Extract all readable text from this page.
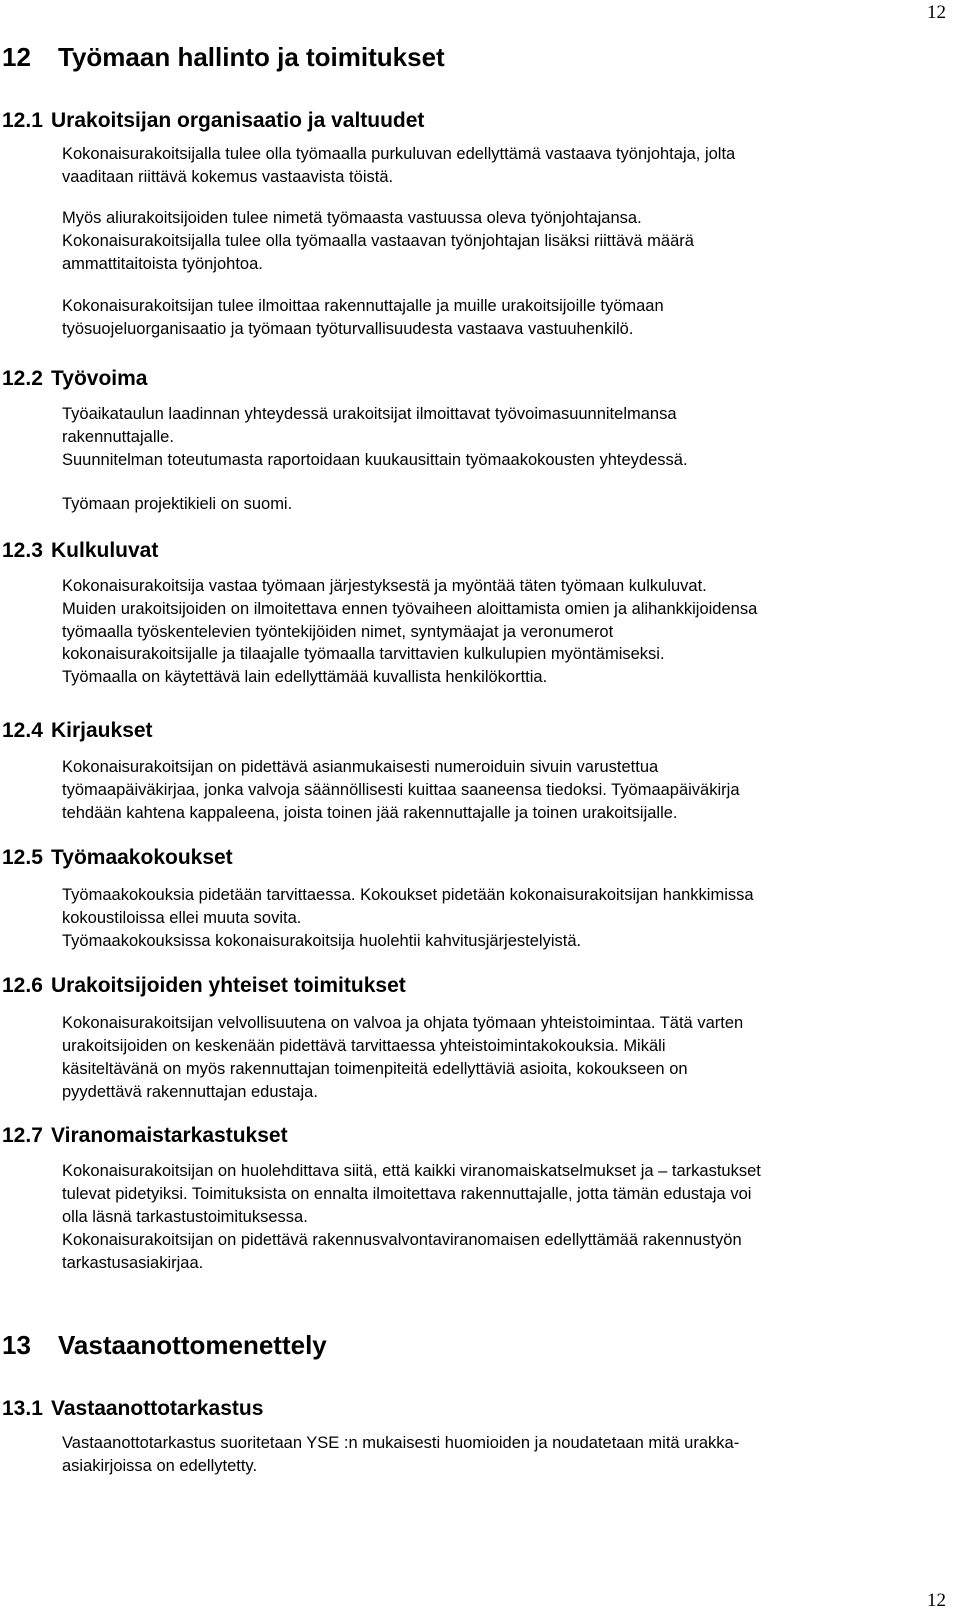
12
12 Työmaan hallinto ja toimitukset
12.1 Urakoitsijan organisaatio ja valtuudet
Kokonaisurakoitsijalla tulee olla työmaalla purkuluvan edellyttämä vastaava työnjohtaja, jolta
vaaditaan riittävä kokemus vastaavista töistä.
Myös aliurakoitsijoiden tulee nimetä työmaasta vastuussa oleva työnjohtajansa.
Kokonaisurakoitsijalla tulee olla työmaalla vastaavan työnjohtajan lisäksi riittävä määrä
ammattitaitoista työnjohtoa.
Kokonaisurakoitsijan tulee ilmoittaa rakennuttajalle ja muille urakoitsijoille työmaan
työsuojeluorganisaatio ja työmaan työturvallisuudesta vastaava vastuuhenkilö.
12.2 Työvoima
Työaikataulun laadinnan yhteydessä urakoitsijat ilmoittavat työvoimasuunnitelmansa
rakennuttajalle.
Suunnitelman toteutumasta raportoidaan kuukausittain työmaakokousten yhteydessä.
Työmaan projektikieli on suomi.
12.3 Kulkuluvat
Kokonaisurakoitsija vastaa työmaan järjestyksestä ja myöntää täten työmaan kulkuluvat.
Muiden urakoitsijoiden on ilmoitettava ennen työvaiheen aloittamista omien ja alihankkijoidensa
työmaalla työskentelevien työntekijöiden nimet, syntymäajat ja veronumerot
kokonaisurakoitsijalle ja tilaajalle työmaalla tarvittavien kulkulupien myöntämiseksi.
Työmaalla on käytettävä lain edellyttämää kuvallista henkilökorttia.
12.4 Kirjaukset
Kokonaisurakoitsijan on pidettävä asianmukaisesti numeroiduin sivuin varustettua
työmaapäiväkirjaa, jonka valvoja säännöllisesti kuittaa saaneensa tiedoksi. Työmaapäiväkirja
tehdään kahtena kappaleena, joista toinen jää rakennuttajalle ja toinen urakoitsijalle.
12.5 Työmaakokoukset
Työmaakokouksia pidetään tarvittaessa. Kokoukset pidetään kokonaisurakoitsijan hankkimissa
kokoustiloissa ellei muuta sovita.
Työmaakokouksissa kokonaisurakoitsija huolehtii kahvitusjärjestelyistä.
12.6 Urakoitsijoiden yhteiset toimitukset
Kokonaisurakoitsijan velvollisuutena on valvoa ja ohjata työmaan yhteistoimintaa. Tätä varten
urakoitsijoiden on keskenään pidettävä tarvittaessa yhteistoimintakokouksia. Mikäli
käsiteltävänä on myös rakennuttajan toimenpiteitä edellyttäviä asioita, kokoukseen on
pyydettävä rakennuttajan edustaja.
12.7 Viranomaistarkastukset
Kokonaisurakoitsijan on huolehdittava siitä, että kaikki viranomaiskatselmukset ja – tarkastukset
tulevat pidetyiksi. Toimituksista on ennalta ilmoitettava rakennuttajalle, jotta tämän edustaja voi
olla läsnä tarkastustoimituksessa.
Kokonaisurakoitsijan on pidettävä rakennusvalvontaviranomaisen edellyttämää rakennustyön
tarkastusasiakirjaa.
13 Vastaanottomenettely
13.1 Vastaanottotarkastus
Vastaanottotarkastus suoritetaan YSE :n mukaisesti huomioiden ja noudatetaan mitä urakka-
asiakirjoissa on edellytetty.
12
